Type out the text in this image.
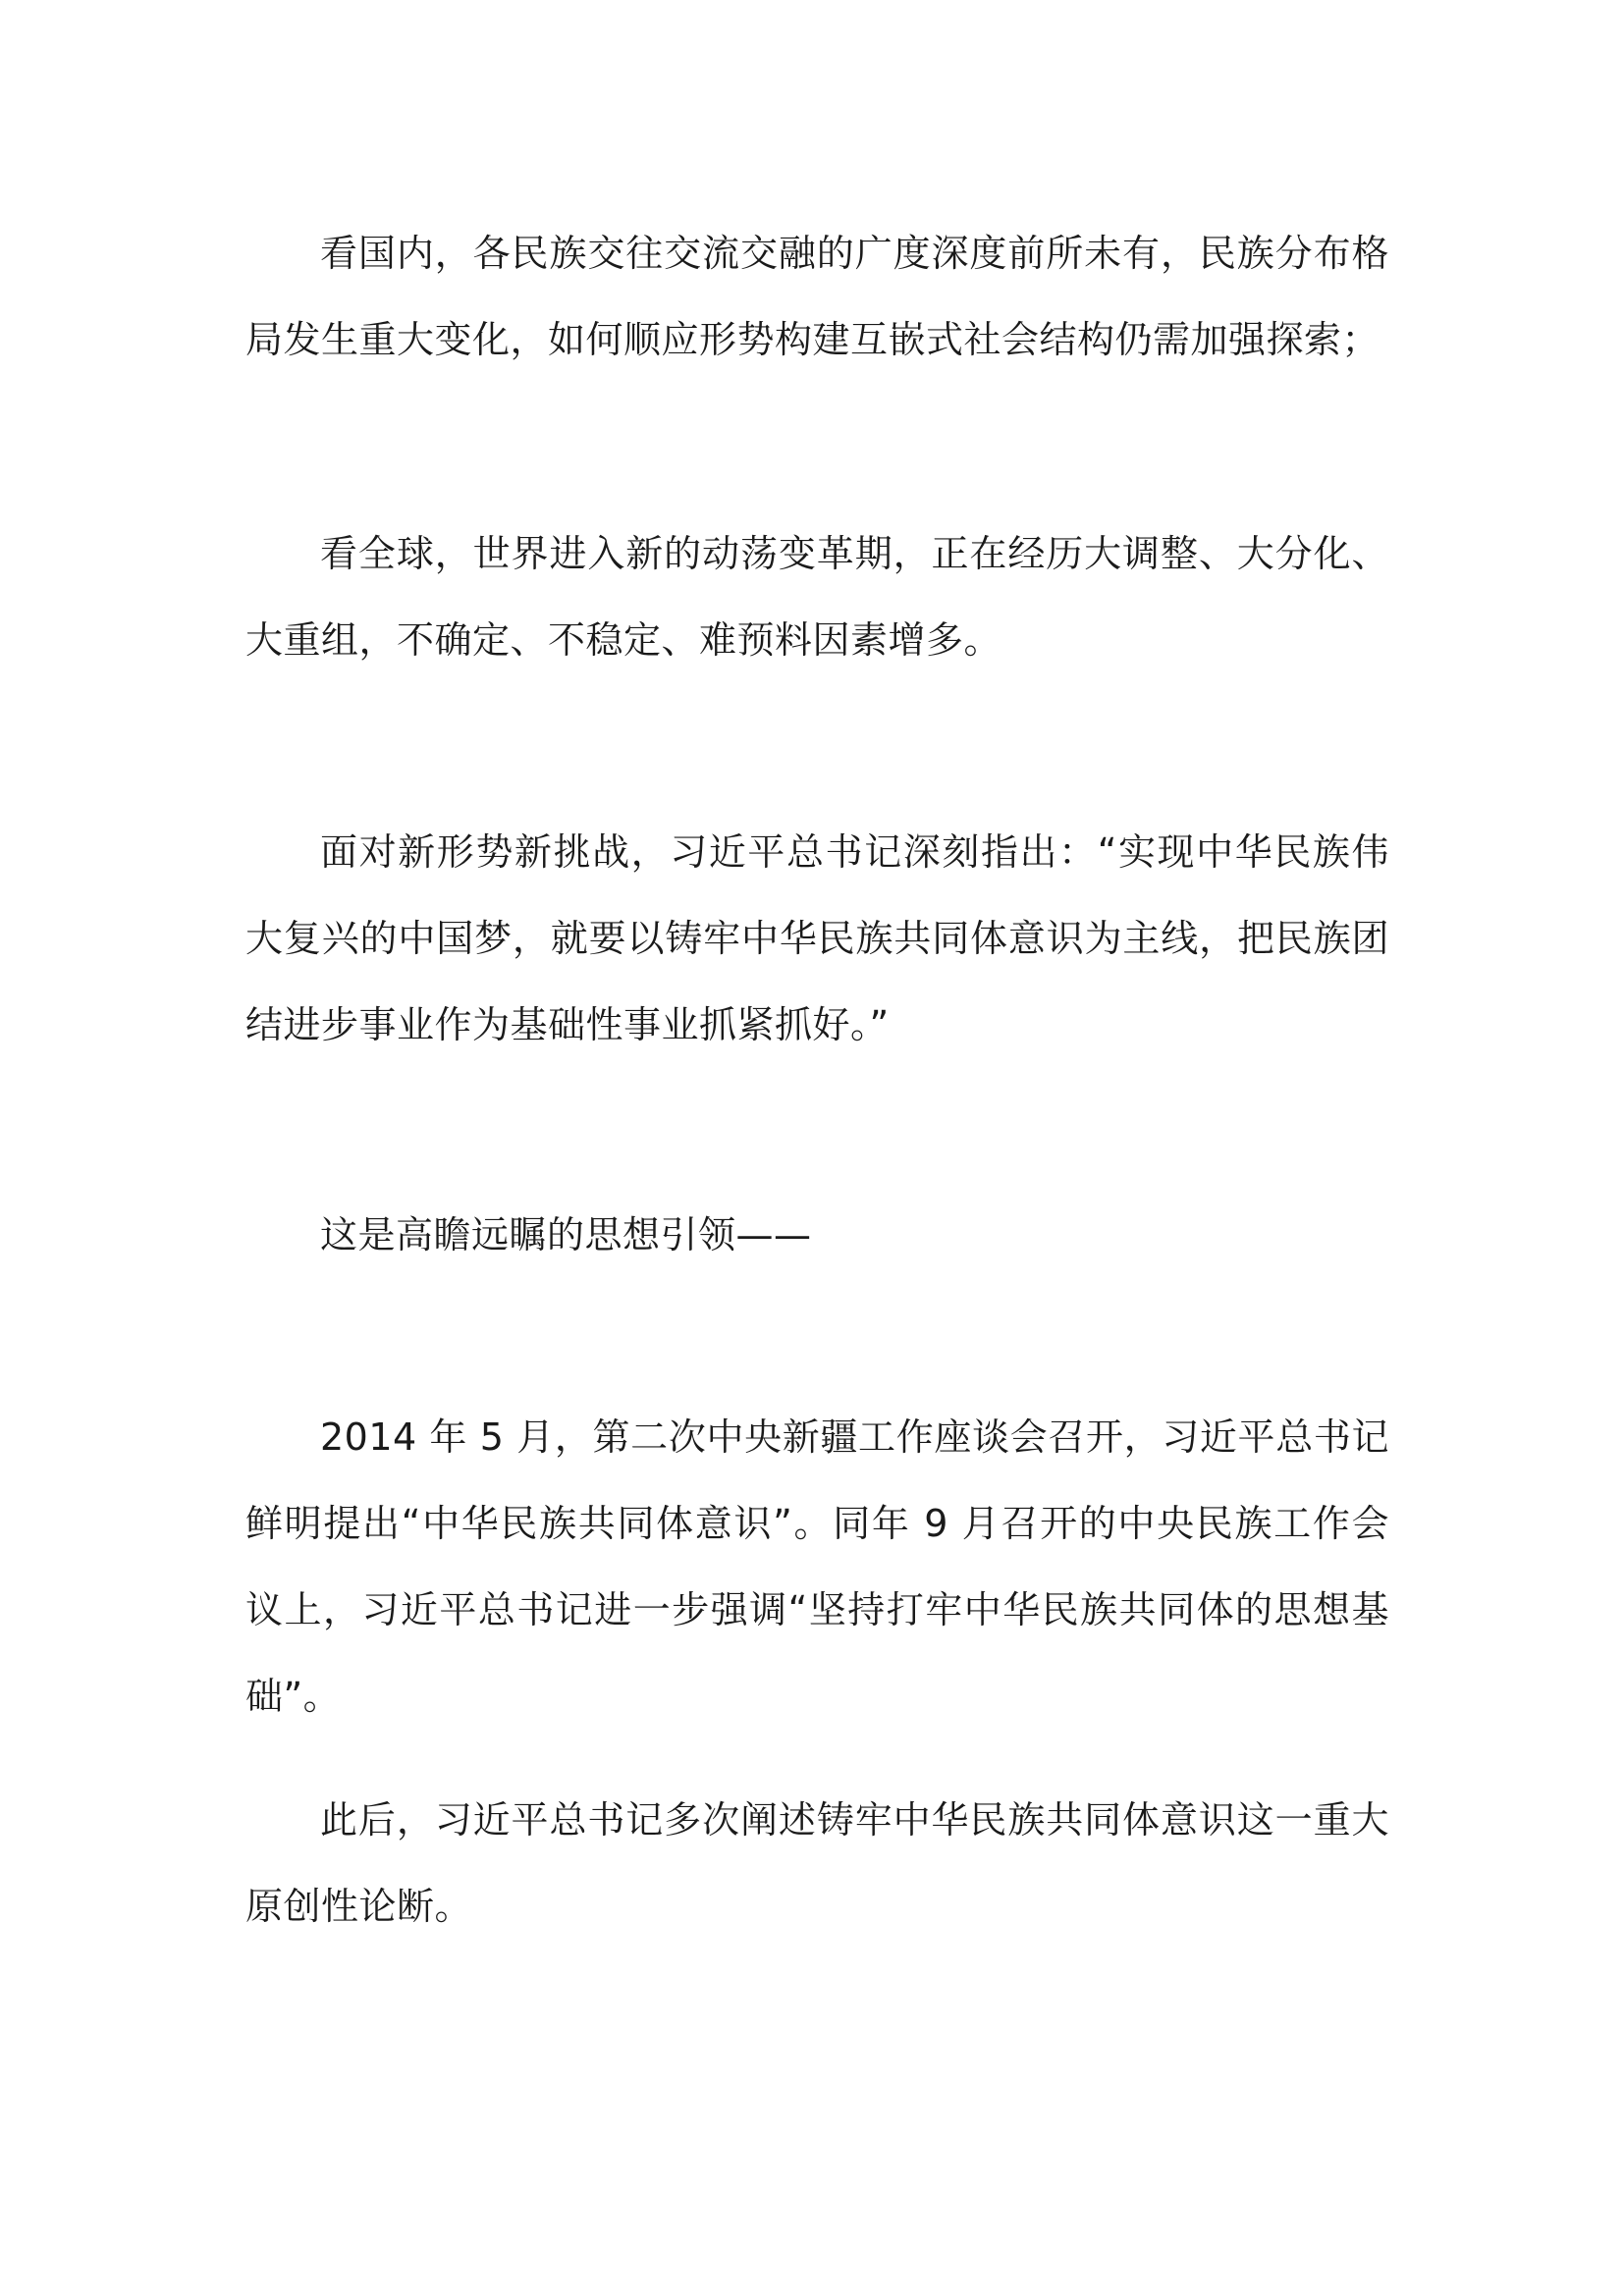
看国内，各民族交往交流交融的广度深度前所未有，民族分布格局发生重大变化，如何顺应形势构建互嵌式社会结构仍需加强探索；

看全球，世界进入新的动荡变革期，正在经历大调整、大分化、大重组，不确定、不稳定、难预料因素增多。

面对新形势新挑战，习近平总书记深刻指出：“实现中华民族伟大复兴的中国梦，就要以铸牢中华民族共同体意识为主线，把民族团结进步事业作为基础性事业抓紧抓好。”

这是高瞻远瞩的思想引领——

2014 年 5 月，第二次中央新疆工作座谈会召开，习近平总书记鲜明提出“中华民族共同体意识”。同年 9 月召开的中央民族工作会议上，习近平总书记进一步强调“坚持打牢中华民族共同体的思想基础”。

此后，习近平总书记多次阐述铸牢中华民族共同体意识这一重大原创性论断。
